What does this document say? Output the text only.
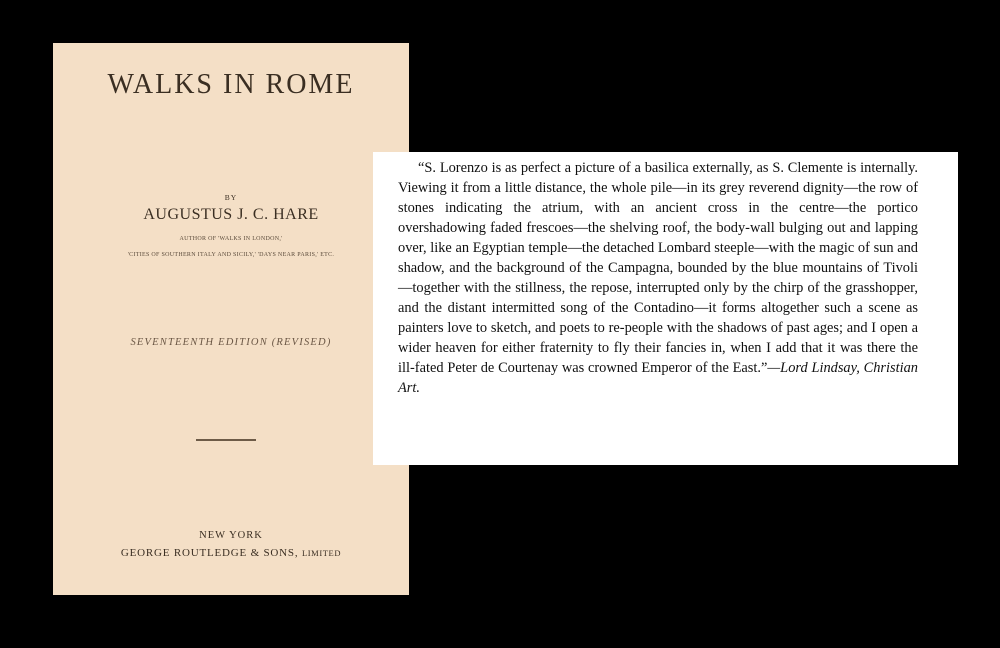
WALKS IN ROME
BY
AUGUSTUS J. C. HARE
AUTHOR OF 'WALKS IN LONDON,'
'CITIES OF SOUTHERN ITALY AND SICILY,' 'DAYS NEAR PARIS,' ETC.
SEVENTEENTH EDITION (REVISED)
NEW YORK
GEORGE ROUTLEDGE & SONS, LIMITED

“S. Lorenzo is as perfect a picture of a basilica externally, as S. Clemente is internally. Viewing it from a little distance, the whole pile—in its grey reverend dignity—the row of stones indicating the atrium, with an ancient cross in the centre—the portico overshadowing faded frescoes—the shelving roof, the body-wall bulging out and lapping over, like an Egyptian temple—the detached Lombard steeple—with the magic of sun and shadow, and the background of the Campagna, bounded by the blue mountains of Tivoli—together with the stillness, the repose, interrupted only by the chirp of the grasshopper, and the distant intermitted song of the Contadino—it forms altogether such a scene as painters love to sketch, and poets to re-people with the shadows of past ages; and I open a wider heaven for either fraternity to fly their fancies in, when I add that it was there the ill-fated Peter de Courtenay was crowned Emperor of the East.”—Lord Lindsay, Christian Art.
